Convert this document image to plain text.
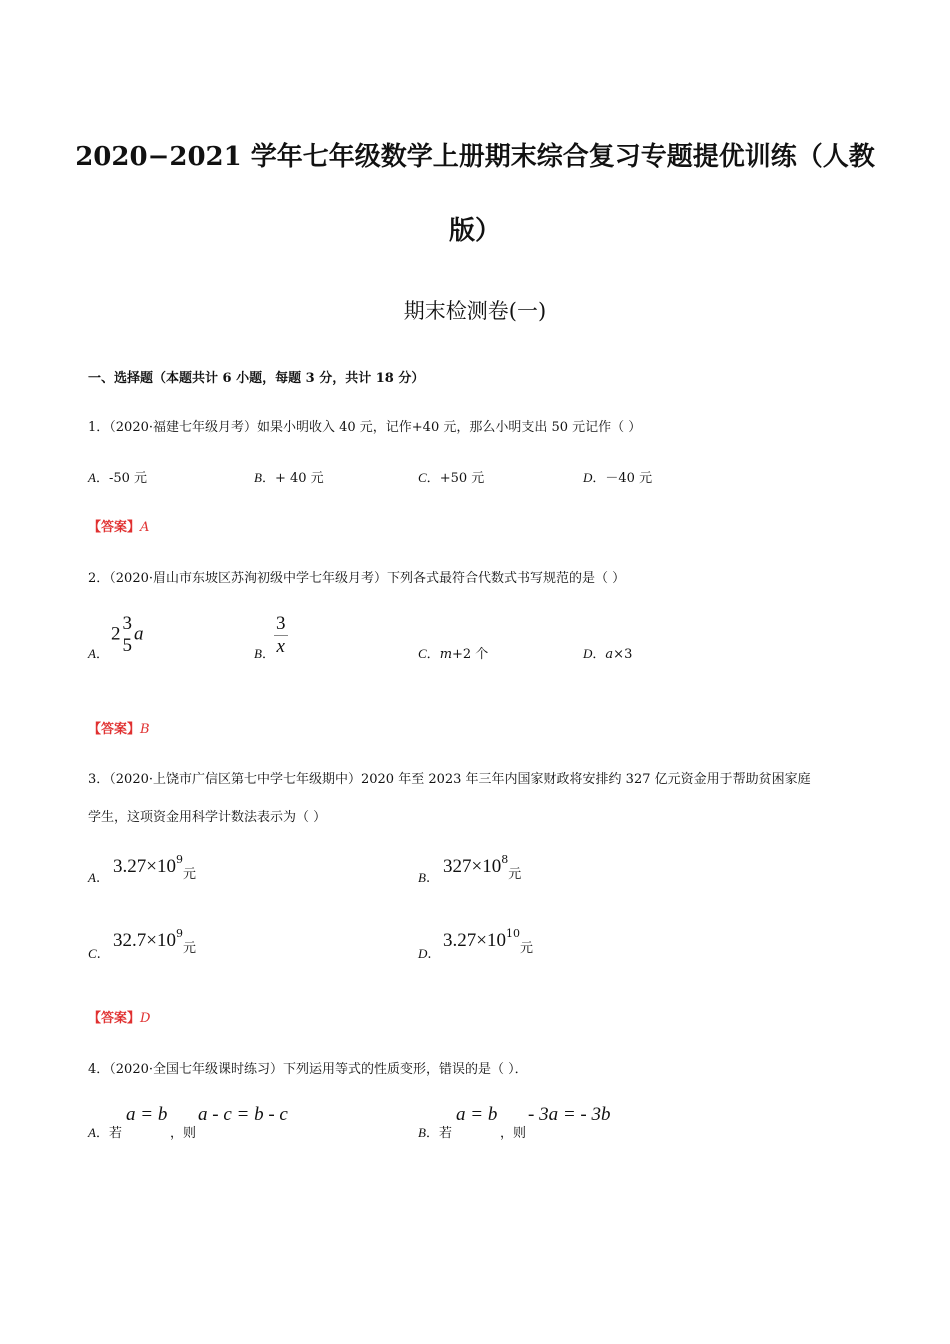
2020−2021 学年七年级数学上册期末综合复习专题提优训练（人教
版）
期末检测卷(一)
一、选择题（本题共计 6 小题，每题 3 分，共计 18 分）
1．（2020·福建七年级月考）如果小明收入 40 元，记作+40 元，那么小明支出 50 元记作（ ）
A．-50 元	B．+ 40 元	C．+50 元	D．－40 元
【答案】A
2．（2020·眉山市东坡区苏洵初级中学七年级月考）下列各式最符合代数式书写规范的是（ ）
A．
2 3
5
a
B． $\frac{3}{x}$	C．m+2 个	D．a×3
【答案】B
3．（2020·上饶市广信区第七中学七年级期中）2020 年至 2023 年三年内国家财政将安排约 327 亿元资金用于帮助贫困家庭
学生，这项资金用科学计数法表示为（ ）
A.
$3.27\times 10^9_元$	B.
$327\times 10^8_元$
C.
$32.7\times 10^9_元$	D.
$3.27\times 10^{10}_元$
【答案】D
4．（2020·全国七年级课时练习）下列运用等式的性质变形，错误的是（ ）．
A．若
a = b
，则
a - c = b - c
B．若
a = b
，则
- 3a = - 3b
